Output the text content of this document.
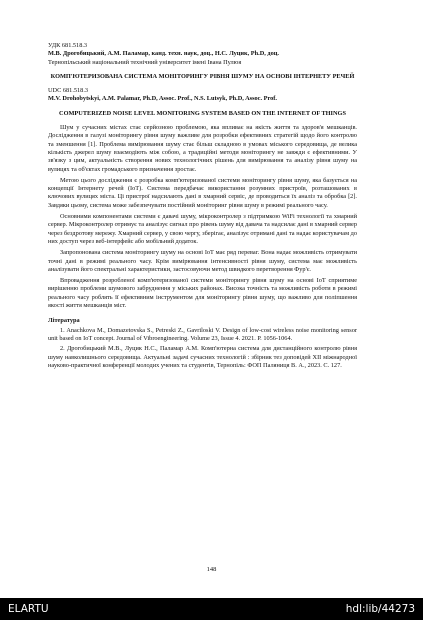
УДК 681.518.3
М.В. Дрогобицький, А.М. Паламар, канд. техн. наук, доц., Н.С. Луцик, Ph.D, доц.
Тернопільський національний технічний університет імені Івана Пулюя
КОМП'ЮТЕРИЗОВАНА СИСТЕМА МОНІТОРИНГУ РІВНЯ ШУМУ НА ОСНОВІ ІНТЕРНЕТУ РЕЧЕЙ
UDC 681.518.3
M.V. Drohobytskyi, A.M. Palamar, Ph.D, Assoc. Prof., N.S. Lutsyk, Ph.D, Assoc. Prof.
COMPUTERIZED NOISE LEVEL MONITORING SYSTEM BASED ON THE INTERNET OF THINGS

Шум у сучасних містах стає серйозною проблемою, яка впливає на якість життя та здоров'я мешканців. Дослідження в галузі моніторингу рівня шуму важливе для розробки ефективних стратегій щодо його контролю та зменшення [1]. Проблема вимірювання шуму стає більш складною в умовах міського середовища, де велика кількість джерел шуму взаємодіють між собою, а традиційні методи моніторингу не завжди є ефективними. У зв'язку з цим, актуальність створення нових технологічних рішень для вимірювання та аналізу рівня шуму на вулицях та об'єктах громадського призначення зростає.

Метою цього дослідження є розробка комп'ютеризованої системи моніторингу рівня шуму, яка базується на концепції Інтернету речей (IoT). Система передбачає використання розумних пристроїв, розташованих в ключових вулицях міста. Ці пристрої надсилають дані в хмарний сервіс, де проводиться їх аналіз та обробка [2]. Завдяки цьому, система може забезпечувати постійний моніторинг рівня шуму в режимі реального часу.

Основними компонентами системи є давачі шуму, мікроконтролер з підтримкою WiFi технології та хмарний сервер. Мікроконтролер отримує та аналізує сигнал про рівень шуму від давача та надсилає дані в хмарний сервер через бездротову мережу. Хмарний сервер, у свою чергу, зберігає, аналізує отримані дані та надає користувачам до них доступ через веб-інтерфейс або мобільний додаток.

Запропонована система моніторингу шуму на основі IoT має ряд переваг. Вона надає можливість отримувати точні дані в режимі реального часу. Крім вимірювання інтенсивності рівня шуму, система має можливість аналізувати його спектральні характеристики, застосовуючи метод швидкого перетворення Фур'є.

Впровадження розробленої комп'ютеризованої системи моніторингу рівня шуму на основі IoT сприятиме вирішенню проблеми шумового забруднення у міських районах. Висока точність та можливість роботи в режимі реального часу роблять її ефективним інструментом для моніторингу рівня шуму, що важливо для поліпшення якості життя мешканців міст.

Література

1. Anachkova M., Domazetovska S., Petreski Z., Gavriloski V. Design of low-cost wireless noise monitoring sensor unit based on IoT concept. Journal of Vibroengineering. Volume 23, Issue 4. 2021. P. 1056-1064.

2. Дрогобицький М.В., Луцик Н.С., Паламар А.М. Комп'ютерна система для дистанційного контролю рівня шуму навколишнього середовища. Актуальні задачі сучасних технологій : збірник тез доповідей XII міжнародної науково-практичної конференції молодих учених та студентів, Тернопіль: ФОП Паляниця В. А., 2023. С. 127.

148
ELARTU	hdl:lib/44273
